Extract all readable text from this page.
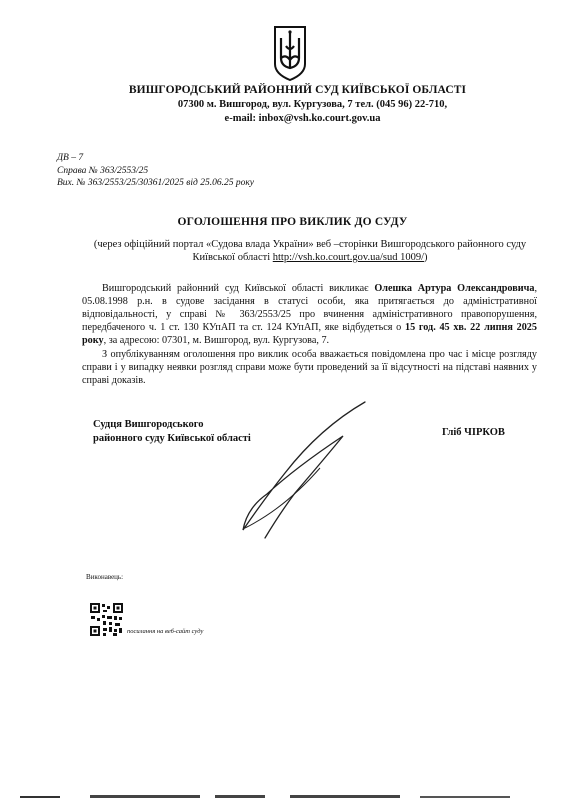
ВИШГОРОДСЬКИЙ РАЙОННИЙ СУД КИЇВСЬКОЇ ОБЛАСТІ
07300 м. Вишгород, вул. Кургузова, 7 тел. (045 96) 22-710,
e-mail: inbox@vsh.ko.court.gov.ua
ДВ – 7
Справа № 363/2553/25
Вих. № 363/2553/25/30361/2025 від 25.06.25 року
ОГОЛОШЕННЯ ПРО ВИКЛИК ДО СУДУ
(через офіційний портал «Судова влада України» веб –сторінки Вишгородського районного суду Київської області http://vsh.ko.court.gov.ua/sud 1009/)

Вишгородський районний суд Київської області викликає Олешка Артура Олександровича, 05.08.1998 р.н. в судове засідання в статусі особи, яка притягається до адміністративної відповідальності, у справі № 363/2553/25 про вчинення адміністративного правопорушення, передбаченого ч. 1 ст. 130 КУпАП та ст. 124 КУпАП, яке відбудеться о 15 год. 45 хв. 22 липня 2025 року, за адресою: 07301, м. Вишгород, вул. Кургузова, 7.

З опублікуванням оголошення про виклик особа вважається повідомлена про час і місце розгляду справи і у випадку неявки розгляд справи може бути проведений за її відсутності на підставі наявних у справі доказів.

Судця Вишгородського
районного суду Київської області
Гліб ЧІРКОВ
Виконавець:
посилання на веб-сайт суду
